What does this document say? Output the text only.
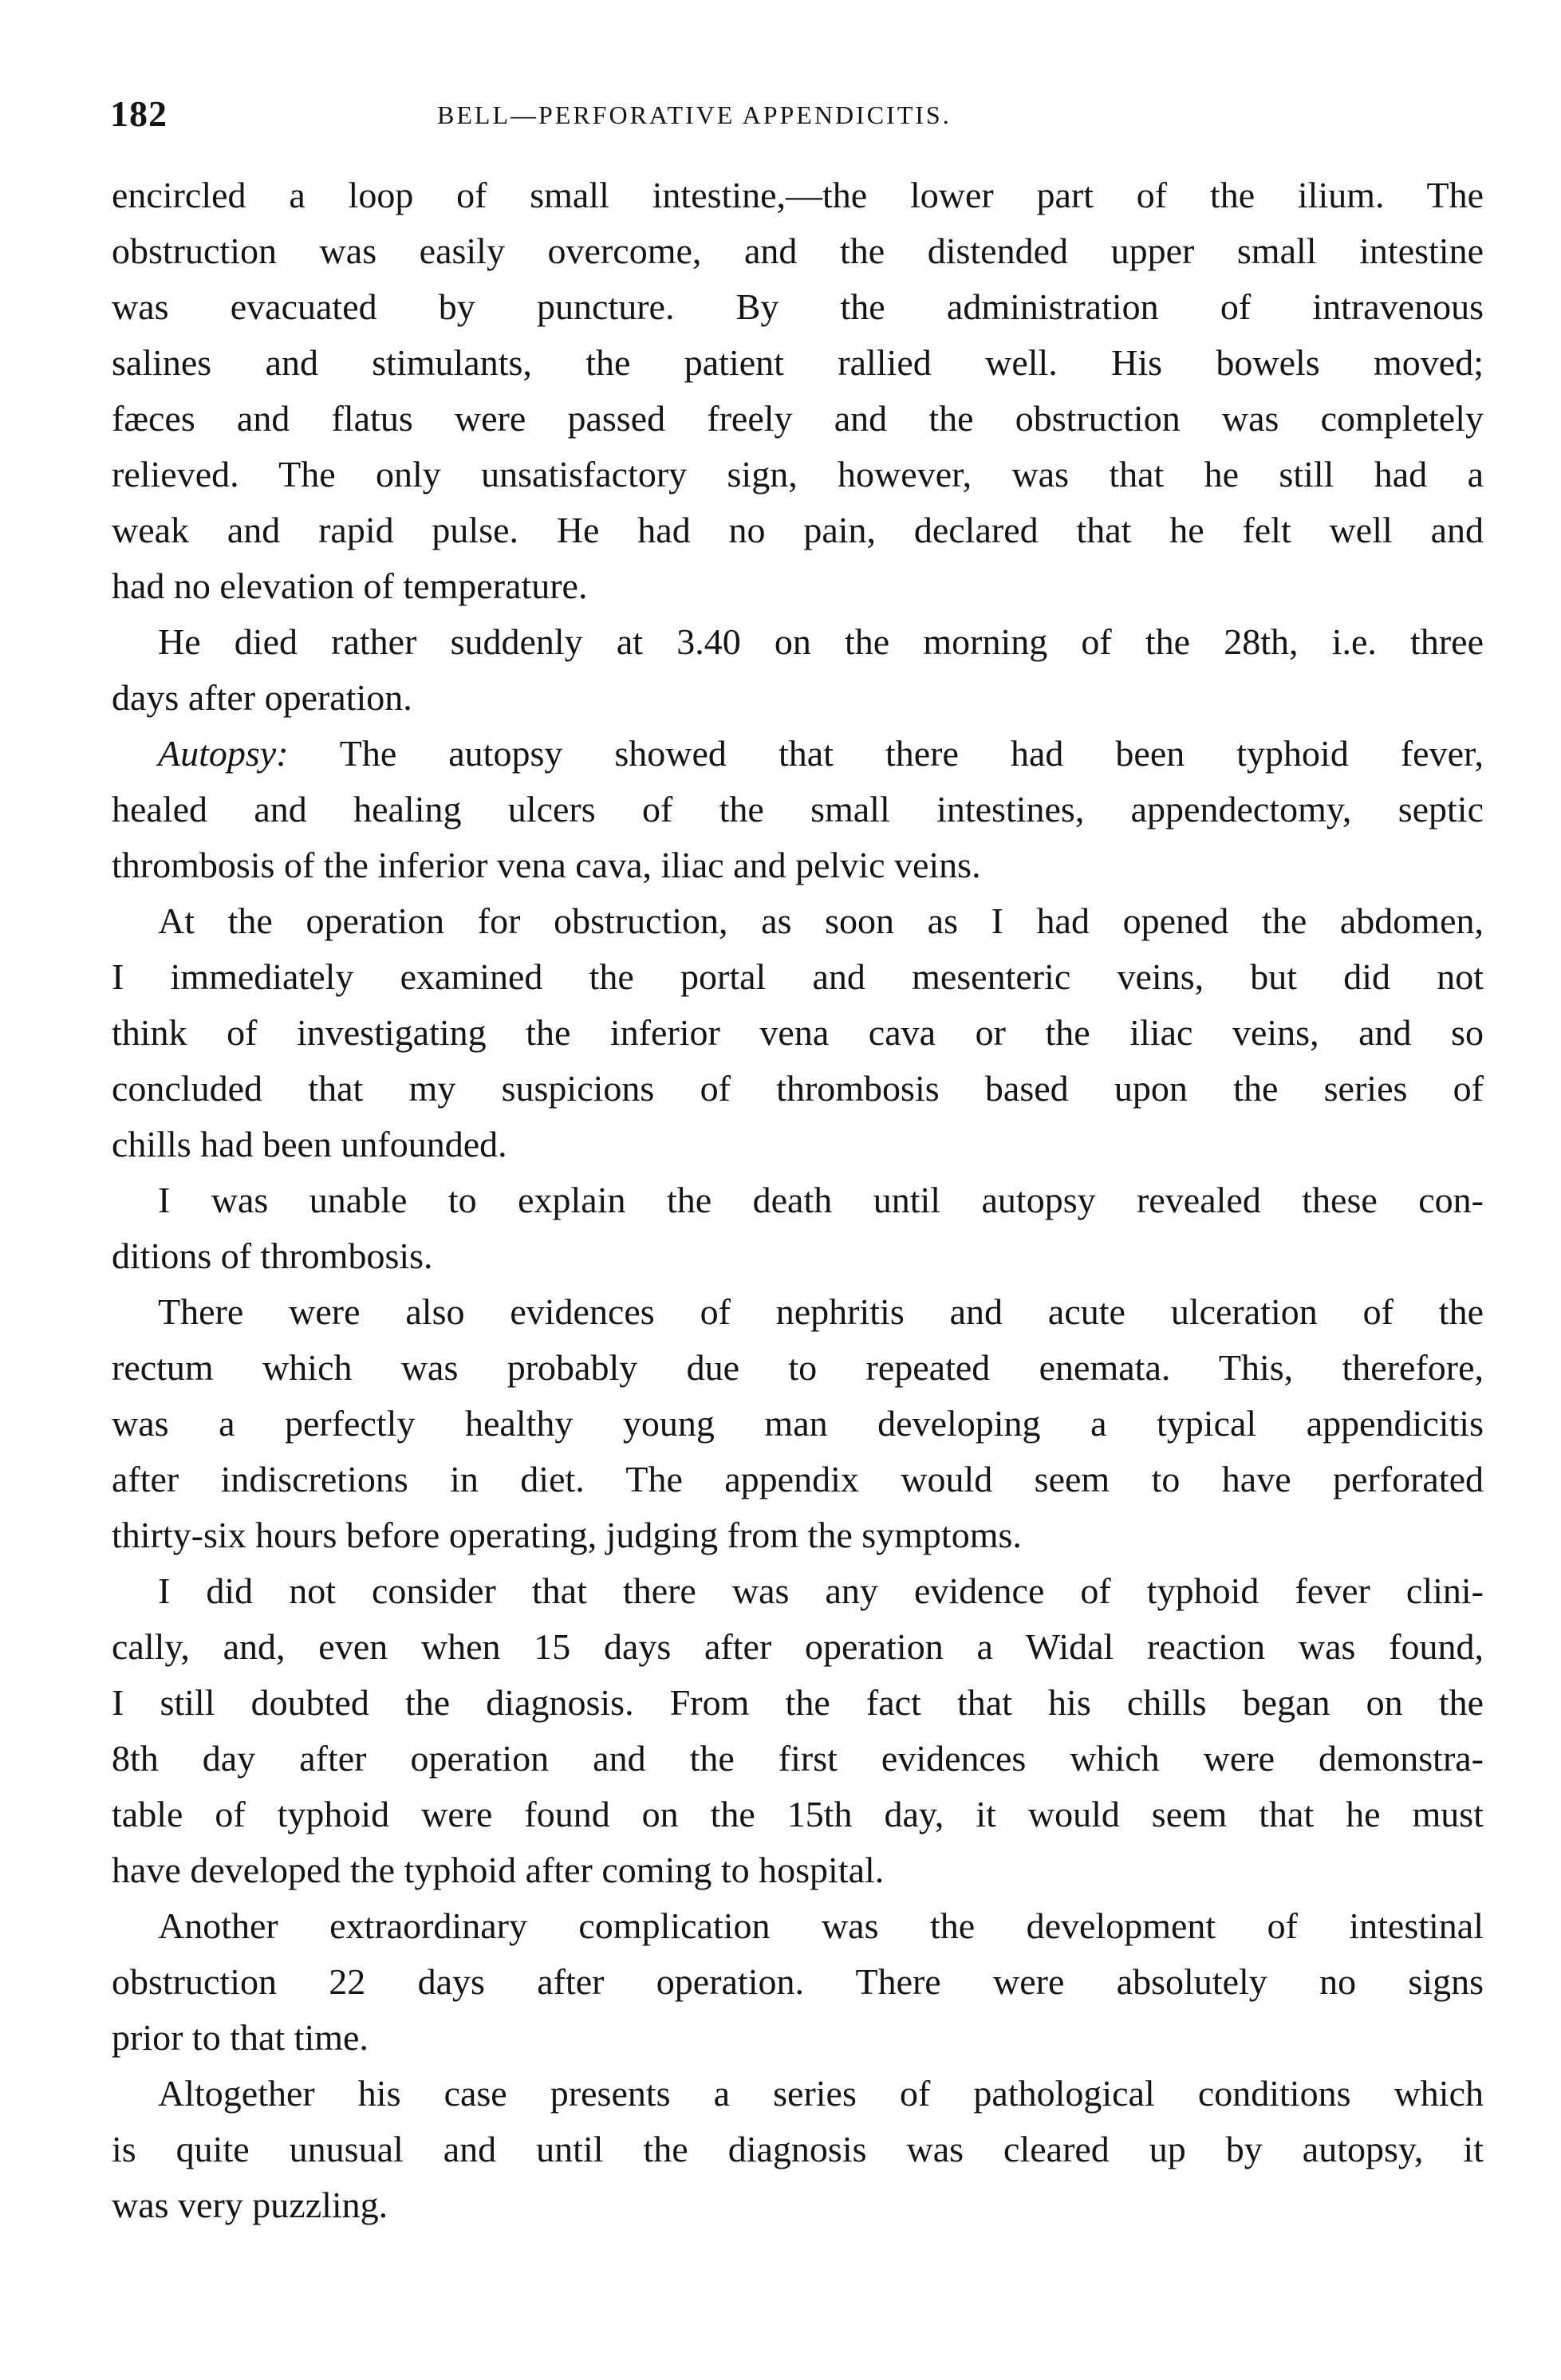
182	BELL—PERFORATIVE APPENDICITIS.
encircled a loop of small intestine,—the lower part of the ilium. The
obstruction was easily overcome, and the distended upper small intestine
was evacuated by puncture. By the administration of intravenous
salines and stimulants, the patient rallied well. His bowels moved;
fæces and flatus were passed freely and the obstruction was completely
relieved. The only unsatisfactory sign, however, was that he still had a
weak and rapid pulse. He had no pain, declared that he felt well and
had no elevation of temperature.
He died rather suddenly at 3.40 on the morning of the 28th, i.e. three
days after operation.
Autopsy: The autopsy showed that there had been typhoid fever,
healed and healing ulcers of the small intestines, appendectomy, septic
thrombosis of the inferior vena cava, iliac and pelvic veins.
At the operation for obstruction, as soon as I had opened the abdomen,
I immediately examined the portal and mesenteric veins, but did not
think of investigating the inferior vena cava or the iliac veins, and so
concluded that my suspicions of thrombosis based upon the series of
chills had been unfounded.
I was unable to explain the death until autopsy revealed these con-
ditions of thrombosis.
There were also evidences of nephritis and acute ulceration of the
rectum which was probably due to repeated enemata. This, therefore,
was a perfectly healthy young man developing a typical appendicitis
after indiscretions in diet. The appendix would seem to have perforated
thirty-six hours before operating, judging from the symptoms.
I did not consider that there was any evidence of typhoid fever clini-
cally, and, even when 15 days after operation a Widal reaction was found,
I still doubted the diagnosis. From the fact that his chills began on the
8th day after operation and the first evidences which were demonstra-
table of typhoid were found on the 15th day, it would seem that he must
have developed the typhoid after coming to hospital.
Another extraordinary complication was the development of intestinal
obstruction 22 days after operation. There were absolutely no signs
prior to that time.
Altogether his case presents a series of pathological conditions which
is quite unusual and until the diagnosis was cleared up by autopsy, it
was very puzzling.
